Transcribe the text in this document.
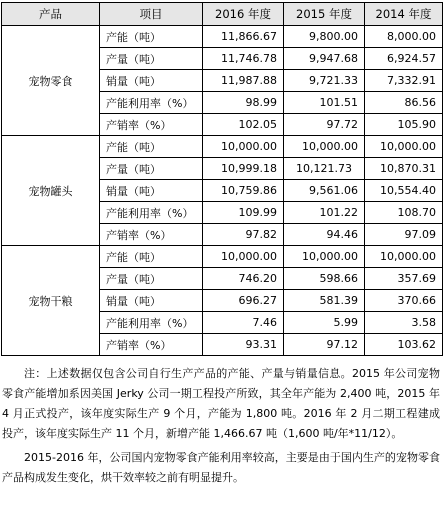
产品	项目	2016 年度	2015 年度	2014 年度
宠物零食	产能（吨）	11,866.67	9,800.00	8,000.00
	产量（吨）	11,746.78	9,947.68	6,924.57
	销量（吨）	11,987.88	9,721.33	7,332.91
	产能利用率（%）	98.99	101.51	86.56
	产销率（%）	102.05	97.72	105.90
宠物罐头	产能（吨）	10,000.00	10,000.00	10,000.00
	产量（吨）	10,999.18	10,121.73	10,870.31
	销量（吨）	10,759.86	9,561.06	10,554.40
	产能利用率（%）	109.99	101.22	108.70
	产销率（%）	97.82	94.46	97.09
宠物干粮	产能（吨）	10,000.00	10,000.00	10,000.00
	产量（吨）	746.20	598.66	357.69
	销量（吨）	696.27	581.39	370.66
	产能利用率（%）	7.46	5.99	3.58
	产销率（%）	93.31	97.12	103.62

注：上述数据仅包含公司自行生产产品的产能、产量与销量信息。2015 年公司宠物零食产能增加系因美国 Jerky 公司一期工程投产所致，其全年产能为 2,400 吨，2015 年 4 月正式投产，该年度实际生产 9 个月，产能为 1,800 吨。2016 年 2 月二期工程建成投产，该年度实际生产 11 个月，新增产能 1,466.67 吨（1,600 吨/年*11/12）。

2015-2016 年，公司国内宠物零食产能利用率较高，主要是由于国内生产的宠物零食产品构成发生变化，烘干效率较之前有明显提升。
